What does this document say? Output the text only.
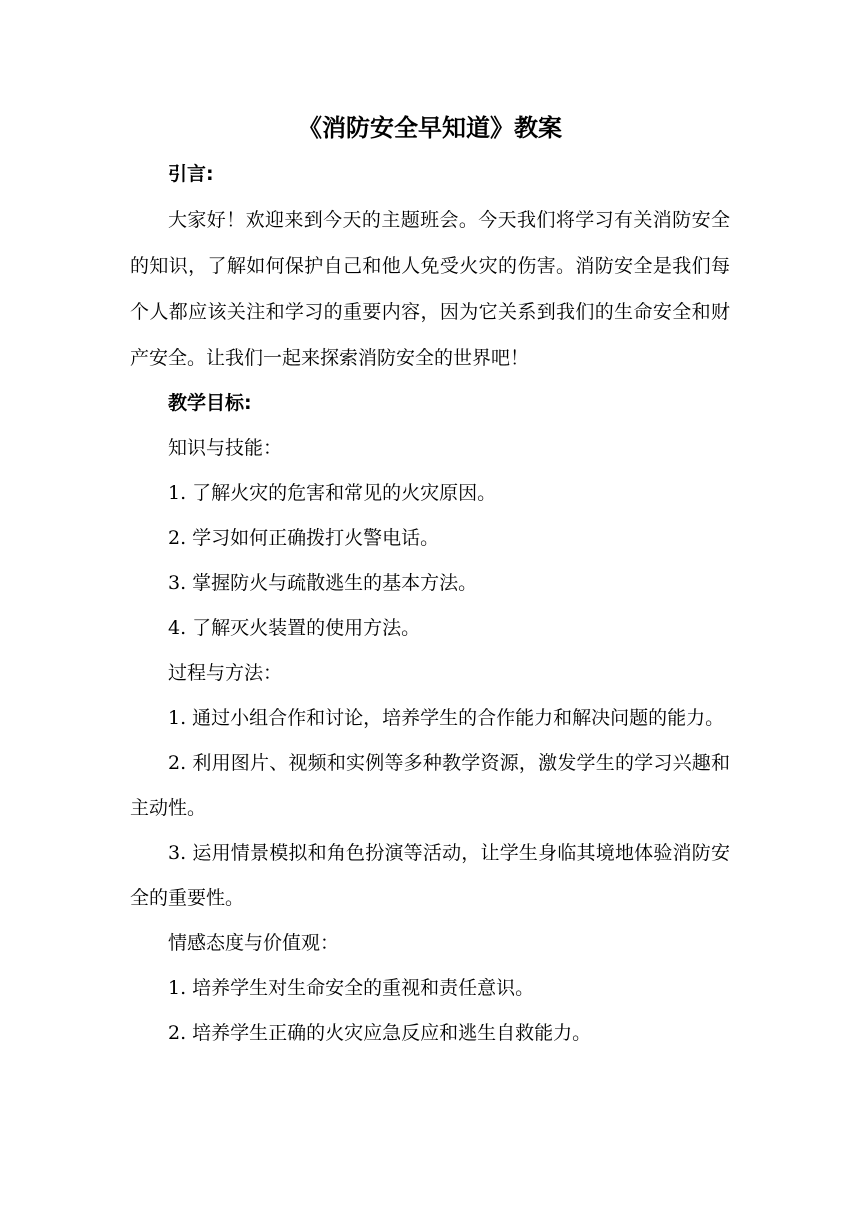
《消防安全早知道》教案

引言:

大家好！欢迎来到今天的主题班会。今天我们将学习有关消防安全的知识，了解如何保护自己和他人免受火灾的伤害。消防安全是我们每个人都应该关注和学习的重要内容，因为它关系到我们的生命安全和财产安全。让我们一起来探索消防安全的世界吧！

教学目标:

知识与技能：

1. 了解火灾的危害和常见的火灾原因。

2. 学习如何正确拨打火警电话。

3. 掌握防火与疏散逃生的基本方法。

4. 了解灭火装置的使用方法。

过程与方法：

1. 通过小组合作和讨论，培养学生的合作能力和解决问题的能力。

2. 利用图片、视频和实例等多种教学资源，激发学生的学习兴趣和主动性。

3. 运用情景模拟和角色扮演等活动，让学生身临其境地体验消防安全的重要性。

情感态度与价值观：

1. 培养学生对生命安全的重视和责任意识。

2. 培养学生正确的火灾应急反应和逃生自救能力。
